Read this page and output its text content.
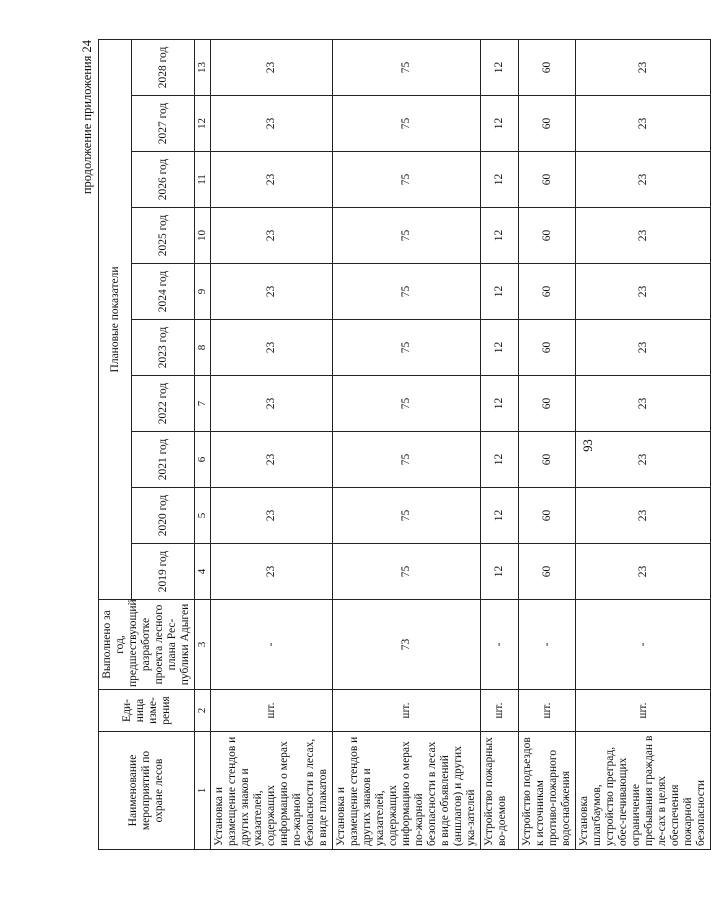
продолжение приложения 24
Наименование мероприятий по охране лесов	Еди-ница изме-рения	Выполнено за год, предшествующий разработке проекта лесного плана Рес-публики Адыгеи	Плановые показатели									
			2019 год	2020 год	2021 год	2022 год	2023 год	2024 год	2025 год	2026 год	2027 год	2028 год
1	2	3	4	5	6	7	8	9	10	11	12	13
Установка и размещение стендов и других знаков и указателей, содержащих информацию о мерах по-жарной безопасности в лесах, в виде плакатов	шт.	-	23	23	23	23	23	23	23	23	23	23
Установка и размещение стендов и других знаков и указателей, содержащих информацию о мерах по-жарной безопасности в лесах в виде объявлений (аншлагов) и других ука-зателей	шт.	73	75	75	75	75	75	75	75	75	75	75
Устройство пожарных во-доемов	шт.	-	12	12	12	12	12	12	12	12	12	12
Устройство подъездов к источникам противо-пожарного водоснабжения	шт.	-	60	60	60	60	60	60	60	60	60	60
Установка шлагбаумов, устройство преград, обес-печивающих ограничение пребывания граждан в ле-сах в целях обеспечения пожарной безопасности	шт.	-	23	23	23	23	23	23	23	23	23	23
93
